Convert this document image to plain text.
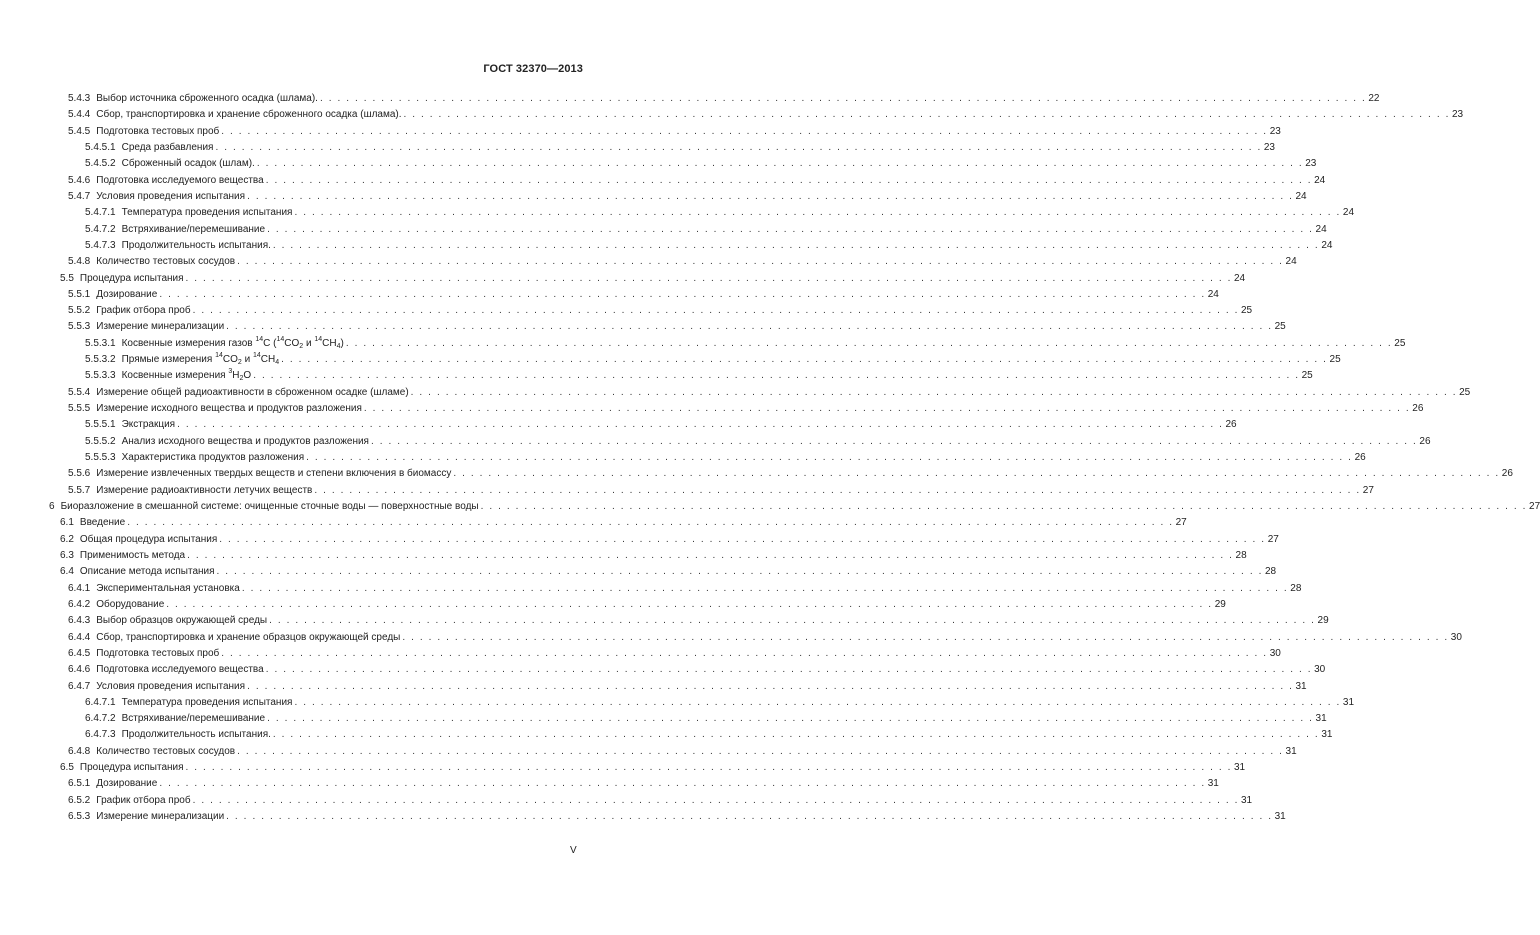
ГОСТ 32370—2013
5.4.3 Выбор источника сброженного осадка (шлама). . . . . . . . . . . . . . . . . . . . . . . . . . . . . . . . . . . . . . . . . . . . . . . . . . . . . . . . . . . . . . . . . . . . . . . . . . . . . . . . . . . . . . . . . . . . . . . . . . . . . . . . . . . . . . . . . . . . . . . . . 22
5.4.4 Сбор, транспортировка и хранение сброженного осадка (шлама). . . . . . . . . . . . . . . . . . . . . . . . . . . . . . . . . . . . . . . . . . . . . . . . . . . . . . . . . . . . . . . . . . . . . . . . . . . . . . . . . . . . . . . . . . . . . . . . . . . . . . . . . . . . . . . . . . . . . . . . . 23
5.4.5 Подготовка тестовых проб . . . . . . . . . . . . . . . . . . . . . . . . . . . . . . . . . . . . . . . . . . . . . . . . . . . . . . . . . . . . . . . . . . . . . . . . . . . . . . . . . . . . . . . . . . . . . . . . . . . . . . . . . . . . . . . . . . . . . . . . 23
5.4.5.1 Среда разбавления . . . . . . . . . . . . . . . . . . . . . . . . . . . . . . . . . . . . . . . . . . . . . . . . . . . . . . . . . . . . . . . . . . . . . . . . . . . . . . . . . . . . . . . . . . . . . . . . . . . . . . . . . . . . . . . . . . . . . . . . 23
5.4.5.2 Сброженный осадок (шлам). . . . . . . . . . . . . . . . . . . . . . . . . . . . . . . . . . . . . . . . . . . . . . . . . . . . . . . . . . . . . . . . . . . . . . . . . . . . . . . . . . . . . . . . . . . . . . . . . . . . . . . . . . . . . . . . . . . . . . . . . 23
5.4.6 Подготовка исследуемого вещества . . . . . . . . . . . . . . . . . . . . . . . . . . . . . . . . . . . . . . . . . . . . . . . . . . . . . . . . . . . . . . . . . . . . . . . . . . . . . . . . . . . . . . . . . . . . . . . . . . . . . . . . . . . . . . . . . . . . . . . . 24
5.4.7 Условия проведения испытания . . . . . . . . . . . . . . . . . . . . . . . . . . . . . . . . . . . . . . . . . . . . . . . . . . . . . . . . . . . . . . . . . . . . . . . . . . . . . . . . . . . . . . . . . . . . . . . . . . . . . . . . . . . . . . . . . . . . . . . . 24
5.4.7.1 Температура проведения испытания . . . . . . . . . . . . . . . . . . . . . . . . . . . . . . . . . . . . . . . . . . . . . . . . . . . . . . . . . . . . . . . . . . . . . . . . . . . . . . . . . . . . . . . . . . . . . . . . . . . . . . . . . . . . . . . . . . . . . . . . 24
5.4.7.2 Встряхивание/перемешивание . . . . . . . . . . . . . . . . . . . . . . . . . . . . . . . . . . . . . . . . . . . . . . . . . . . . . . . . . . . . . . . . . . . . . . . . . . . . . . . . . . . . . . . . . . . . . . . . . . . . . . . . . . . . . . . . . . . . . . . . 24
5.4.7.3 Продолжительность испытания. . . . . . . . . . . . . . . . . . . . . . . . . . . . . . . . . . . . . . . . . . . . . . . . . . . . . . . . . . . . . . . . . . . . . . . . . . . . . . . . . . . . . . . . . . . . . . . . . . . . . . . . . . . . . . . . . . . . . . . . . 24
5.4.8 Количество тестовых сосудов . . . . . . . . . . . . . . . . . . . . . . . . . . . . . . . . . . . . . . . . . . . . . . . . . . . . . . . . . . . . . . . . . . . . . . . . . . . . . . . . . . . . . . . . . . . . . . . . . . . . . . . . . . . . . . . . . . . . . . . . 24
5.5 Процедура испытания . . . . . . . . . . . . . . . . . . . . . . . . . . . . . . . . . . . . . . . . . . . . . . . . . . . . . . . . . . . . . . . . . . . . . . . . . . . . . . . . . . . . . . . . . . . . . . . . . . . . . . . . . . . . . . . . . . . . . . . . 24
5.5.1 Дозирование . . . . . . . . . . . . . . . . . . . . . . . . . . . . . . . . . . . . . . . . . . . . . . . . . . . . . . . . . . . . . . . . . . . . . . . . . . . . . . . . . . . . . . . . . . . . . . . . . . . . . . . . . . . . . . . . . . . . . . . . 24
5.5.2 График отбора проб . . . . . . . . . . . . . . . . . . . . . . . . . . . . . . . . . . . . . . . . . . . . . . . . . . . . . . . . . . . . . . . . . . . . . . . . . . . . . . . . . . . . . . . . . . . . . . . . . . . . . . . . . . . . . . . . . . . . . . . . 25
5.5.3 Измерение минерализации . . . . . . . . . . . . . . . . . . . . . . . . . . . . . . . . . . . . . . . . . . . . . . . . . . . . . . . . . . . . . . . . . . . . . . . . . . . . . . . . . . . . . . . . . . . . . . . . . . . . . . . . . . . . . . . . . . . . . . . . 25
5.5.3.1 Косвенные измерения газов $^{14}$C ($^{14}CO_2$ и $^{14}CH_4$) . . . . . . . . . . . . . . . . . . . . . . . . . . . . . . . . . . . . . . . . . . . . . . . . . . . . . . . . . . . . . . . . . . . . . . . . . . . . . . . . . . . . . . . . . . . . . . . . . . . . . . . . . . . . . . . . . . . . . . . . 25
5.5.3.2 Прямые измерения $^{14}CO_2$ и $^{14}CH_4$ . . . . . . . . . . . . . . . . . . . . . . . . . . . . . . . . . . . . . . . . . . . . . . . . . . . . . . . . . . . . . . . . . . . . . . . . . . . . . . . . . . . . . . . . . . . . . . . . . . . . . . . . . . . . . . . . . . . . . . . . 25
5.5.3.3 Косвенные измерения $^3H_2O$ . . . . . . . . . . . . . . . . . . . . . . . . . . . . . . . . . . . . . . . . . . . . . . . . . . . . . . . . . . . . . . . . . . . . . . . . . . . . . . . . . . . . . . . . . . . . . . . . . . . . . . . . . . . . . . . . . . . . . . . . 25
5.5.4 Измерение общей радиоактивности в сброженном осадке (шламе) . . . . . . . . . . . . . . . . . . . . . . . . . . . . . . . . . . . . . . . . . . . . . . . . . . . . . . . . . . . . . . . . . . . . . . . . . . . . . . . . . . . . . . . . . . . . . . . . . . . . . . . . . . . . . . . . . . . . . . . . 25
5.5.5 Измерение исходного вещества и продуктов разложения . . . . . . . . . . . . . . . . . . . . . . . . . . . . . . . . . . . . . . . . . . . . . . . . . . . . . . . . . . . . . . . . . . . . . . . . . . . . . . . . . . . . . . . . . . . . . . . . . . . . . . . . . . . . . . . . . . . . . . . . 26
5.5.5.1 Экстракция . . . . . . . . . . . . . . . . . . . . . . . . . . . . . . . . . . . . . . . . . . . . . . . . . . . . . . . . . . . . . . . . . . . . . . . . . . . . . . . . . . . . . . . . . . . . . . . . . . . . . . . . . . . . . . . . . . . . . . . . 26
5.5.5.2 Анализ исходного вещества и продуктов разложения . . . . . . . . . . . . . . . . . . . . . . . . . . . . . . . . . . . . . . . . . . . . . . . . . . . . . . . . . . . . . . . . . . . . . . . . . . . . . . . . . . . . . . . . . . . . . . . . . . . . . . . . . . . . . . . . . . . . . . . . 26
5.5.5.3 Характеристика продуктов разложения . . . . . . . . . . . . . . . . . . . . . . . . . . . . . . . . . . . . . . . . . . . . . . . . . . . . . . . . . . . . . . . . . . . . . . . . . . . . . . . . . . . . . . . . . . . . . . . . . . . . . . . . . . . . . . . . . . . . . . . . 26
5.5.6 Измерение извлеченных твердых веществ и степени включения в биомассу . . . . . . . . . . . . . . . . . . . . . . . . . . . . . . . . . . . . . . . . . . . . . . . . . . . . . . . . . . . . . . . . . . . . . . . . . . . . . . . . . . . . . . . . . . . . . . . . . . . . . . . . . . . . . . . . . . . . . . . . 26
5.5.7 Измерение радиоактивности летучих веществ . . . . . . . . . . . . . . . . . . . . . . . . . . . . . . . . . . . . . . . . . . . . . . . . . . . . . . . . . . . . . . . . . . . . . . . . . . . . . . . . . . . . . . . . . . . . . . . . . . . . . . . . . . . . . . . . . . . . . . . . 27
6 Биоразложение в смешанной системе: очищенные сточные воды — поверхностные воды . . . . . . . . . . . . . . . . . . . . . . . . . . . . . . . . . . . . . . . . . . . . . . . . . . . . . . . . . . . . . . . . . . . . . . . . . . . . . . . . . . . . . . . . . . . . . . . . . . . . . . . . . . . . . . . . . . . . . . . . 27
6.1 Введение . . . . . . . . . . . . . . . . . . . . . . . . . . . . . . . . . . . . . . . . . . . . . . . . . . . . . . . . . . . . . . . . . . . . . . . . . . . . . . . . . . . . . . . . . . . . . . . . . . . . . . . . . . . . . . . . . . . . . . . . 27
6.2 Общая процедура испытания . . . . . . . . . . . . . . . . . . . . . . . . . . . . . . . . . . . . . . . . . . . . . . . . . . . . . . . . . . . . . . . . . . . . . . . . . . . . . . . . . . . . . . . . . . . . . . . . . . . . . . . . . . . . . . . . . . . . . . . . 27
6.3 Применимость метода . . . . . . . . . . . . . . . . . . . . . . . . . . . . . . . . . . . . . . . . . . . . . . . . . . . . . . . . . . . . . . . . . . . . . . . . . . . . . . . . . . . . . . . . . . . . . . . . . . . . . . . . . . . . . . . . . . . . . . . . 28
6.4 Описание метода испытания . . . . . . . . . . . . . . . . . . . . . . . . . . . . . . . . . . . . . . . . . . . . . . . . . . . . . . . . . . . . . . . . . . . . . . . . . . . . . . . . . . . . . . . . . . . . . . . . . . . . . . . . . . . . . . . . . . . . . . . . 28
6.4.1 Экспериментальная установка . . . . . . . . . . . . . . . . . . . . . . . . . . . . . . . . . . . . . . . . . . . . . . . . . . . . . . . . . . . . . . . . . . . . . . . . . . . . . . . . . . . . . . . . . . . . . . . . . . . . . . . . . . . . . . . . . . . . . . . . 28
6.4.2 Оборудование . . . . . . . . . . . . . . . . . . . . . . . . . . . . . . . . . . . . . . . . . . . . . . . . . . . . . . . . . . . . . . . . . . . . . . . . . . . . . . . . . . . . . . . . . . . . . . . . . . . . . . . . . . . . . . . . . . . . . . . . 29
6.4.3 Выбор образцов окружающей среды . . . . . . . . . . . . . . . . . . . . . . . . . . . . . . . . . . . . . . . . . . . . . . . . . . . . . . . . . . . . . . . . . . . . . . . . . . . . . . . . . . . . . . . . . . . . . . . . . . . . . . . . . . . . . . . . . . . . . . . . 29
6.4.4 Сбор, транспортировка и хранение образцов окружающей среды . . . . . . . . . . . . . . . . . . . . . . . . . . . . . . . . . . . . . . . . . . . . . . . . . . . . . . . . . . . . . . . . . . . . . . . . . . . . . . . . . . . . . . . . . . . . . . . . . . . . . . . . . . . . . . . . . . . . . . . . 30
6.4.5 Подготовка тестовых проб . . . . . . . . . . . . . . . . . . . . . . . . . . . . . . . . . . . . . . . . . . . . . . . . . . . . . . . . . . . . . . . . . . . . . . . . . . . . . . . . . . . . . . . . . . . . . . . . . . . . . . . . . . . . . . . . . . . . . . . . 30
6.4.6 Подготовка исследуемого вещества . . . . . . . . . . . . . . . . . . . . . . . . . . . . . . . . . . . . . . . . . . . . . . . . . . . . . . . . . . . . . . . . . . . . . . . . . . . . . . . . . . . . . . . . . . . . . . . . . . . . . . . . . . . . . . . . . . . . . . . . 30
6.4.7 Условия проведения испытания . . . . . . . . . . . . . . . . . . . . . . . . . . . . . . . . . . . . . . . . . . . . . . . . . . . . . . . . . . . . . . . . . . . . . . . . . . . . . . . . . . . . . . . . . . . . . . . . . . . . . . . . . . . . . . . . . . . . . . . . 31
6.4.7.1 Температура проведения испытания . . . . . . . . . . . . . . . . . . . . . . . . . . . . . . . . . . . . . . . . . . . . . . . . . . . . . . . . . . . . . . . . . . . . . . . . . . . . . . . . . . . . . . . . . . . . . . . . . . . . . . . . . . . . . . . . . . . . . . . . 31
6.4.7.2 Встряхивание/перемешивание . . . . . . . . . . . . . . . . . . . . . . . . . . . . . . . . . . . . . . . . . . . . . . . . . . . . . . . . . . . . . . . . . . . . . . . . . . . . . . . . . . . . . . . . . . . . . . . . . . . . . . . . . . . . . . . . . . . . . . . . 31
6.4.7.3 Продолжительность испытания. . . . . . . . . . . . . . . . . . . . . . . . . . . . . . . . . . . . . . . . . . . . . . . . . . . . . . . . . . . . . . . . . . . . . . . . . . . . . . . . . . . . . . . . . . . . . . . . . . . . . . . . . . . . . . . . . . . . . . . . . 31
6.4.8 Количество тестовых сосудов . . . . . . . . . . . . . . . . . . . . . . . . . . . . . . . . . . . . . . . . . . . . . . . . . . . . . . . . . . . . . . . . . . . . . . . . . . . . . . . . . . . . . . . . . . . . . . . . . . . . . . . . . . . . . . . . . . . . . . . . 31
6.5 Процедура испытания . . . . . . . . . . . . . . . . . . . . . . . . . . . . . . . . . . . . . . . . . . . . . . . . . . . . . . . . . . . . . . . . . . . . . . . . . . . . . . . . . . . . . . . . . . . . . . . . . . . . . . . . . . . . . . . . . . . . . . . . 31
6.5.1 Дозирование . . . . . . . . . . . . . . . . . . . . . . . . . . . . . . . . . . . . . . . . . . . . . . . . . . . . . . . . . . . . . . . . . . . . . . . . . . . . . . . . . . . . . . . . . . . . . . . . . . . . . . . . . . . . . . . . . . . . . . . . 31
6.5.2 График отбора проб . . . . . . . . . . . . . . . . . . . . . . . . . . . . . . . . . . . . . . . . . . . . . . . . . . . . . . . . . . . . . . . . . . . . . . . . . . . . . . . . . . . . . . . . . . . . . . . . . . . . . . . . . . . . . . . . . . . . . . . . 31
6.5.3 Измерение минерализации . . . . . . . . . . . . . . . . . . . . . . . . . . . . . . . . . . . . . . . . . . . . . . . . . . . . . . . . . . . . . . . . . . . . . . . . . . . . . . . . . . . . . . . . . . . . . . . . . . . . . . . . . . . . . . . . . . . . . . . . 31
V
